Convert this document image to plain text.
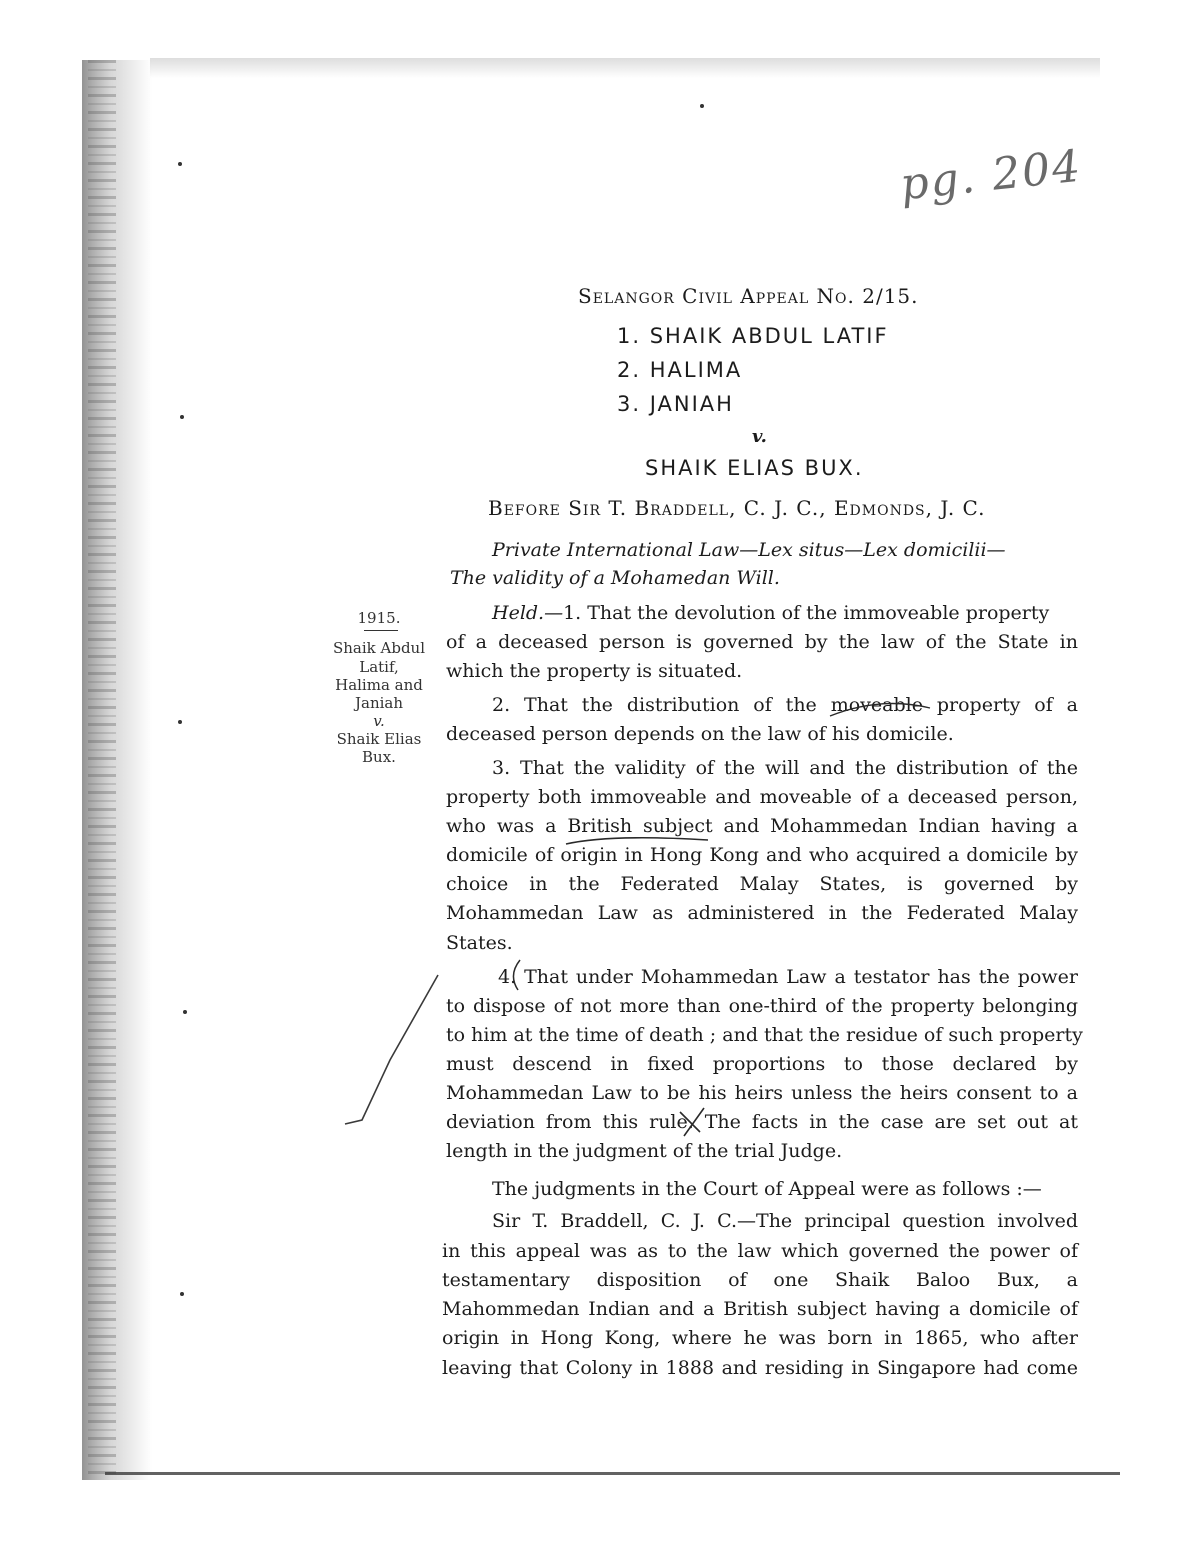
pg. 204
Selangor Civil Appeal No. 2/15.
1. SHAIK ABDUL LATIF
2. HALIMA
3. JANIAH
v.
SHAIK ELIAS BUX.
Before Sir T. Braddell, C. J. C., Edmonds, J. C.
Private International Law—Lex situs—Lex domicilii—
The validity of a Mohamedan Will.
1915.
Shaik Abdul
Latif,
Halima and
Janiah
v.
Shaik Elias
Bux.
Held.—1. That the devolution of the immoveable property
of a deceased person is governed by the law of the State in
which the property is situated.
2. That the distribution of the moveable property of a
deceased person depends on the law of his domicile.
3. That the validity of the will and the distribution of the
property both immoveable and moveable of a deceased person,
who was a British subject and Mohammedan Indian having a
domicile of origin in Hong Kong and who acquired a domicile by
choice in the Federated Malay States, is governed by
Mohammedan Law as administered in the Federated Malay
States.
4. That under Mohammedan Law a testator has the power
to dispose of not more than one-third of the property belonging
to him at the time of death ; and that the residue of such property
must descend in fixed proportions to those declared by
Mohammedan Law to be his heirs unless the heirs consent to a
deviation from this rule. The facts in the case are set out at
length in the judgment of the trial Judge.
The judgments in the Court of Appeal were as follows :—
Sir T. Braddell, C. J. C.—The principal question involved
in this appeal was as to the law which governed the power of
testamentary disposition of one Shaik Baloo Bux, a
Mahommedan Indian and a British subject having a domicile of
origin in Hong Kong, where he was born in 1865, who after
leaving that Colony in 1888 and residing in Singapore had come
